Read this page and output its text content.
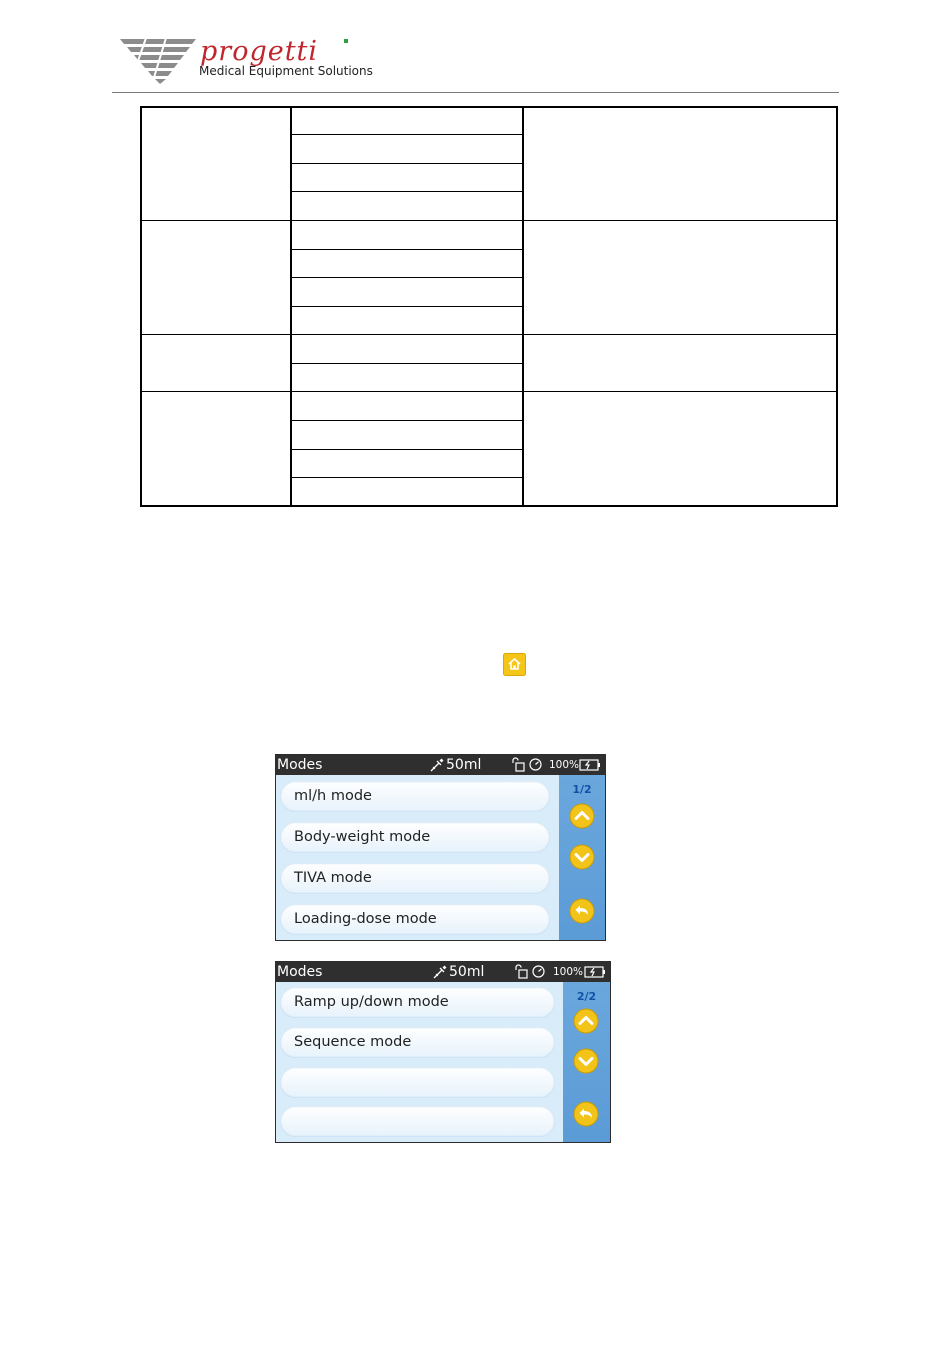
progetti
Medical Equipment Solutions
Modes	50ml	100%
ml/h mode
Body-weight mode
TIVA mode
Loading-dose mode
1/2
Modes	50ml	100%
Ramp up/down mode
Sequence mode
2/2
